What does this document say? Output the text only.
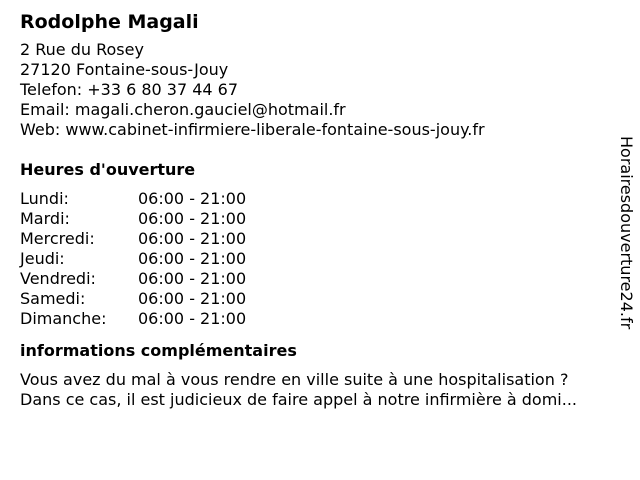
Rodolphe Magali
2 Rue du Rosey
27120 Fontaine-sous-Jouy
Telefon: +33 6 80 37 44 67
Email: magali.cheron.gauciel@hotmail.fr
Web: www.cabinet-infirmiere-liberale-fontaine-sous-jouy.fr
Heures d'ouverture
Lundi:	06:00 - 21:00
Mardi:	06:00 - 21:00
Mercredi:	06:00 - 21:00
Jeudi:	06:00 - 21:00
Vendredi:	06:00 - 21:00
Samedi:	06:00 - 21:00
Dimanche:	06:00 - 21:00
informations complémentaires
Vous avez du mal à vous rendre en ville suite à une hospitalisation ?
Dans ce cas, il est judicieux de faire appel à notre infirmière à domi...
Horairesdouverture24.fr
